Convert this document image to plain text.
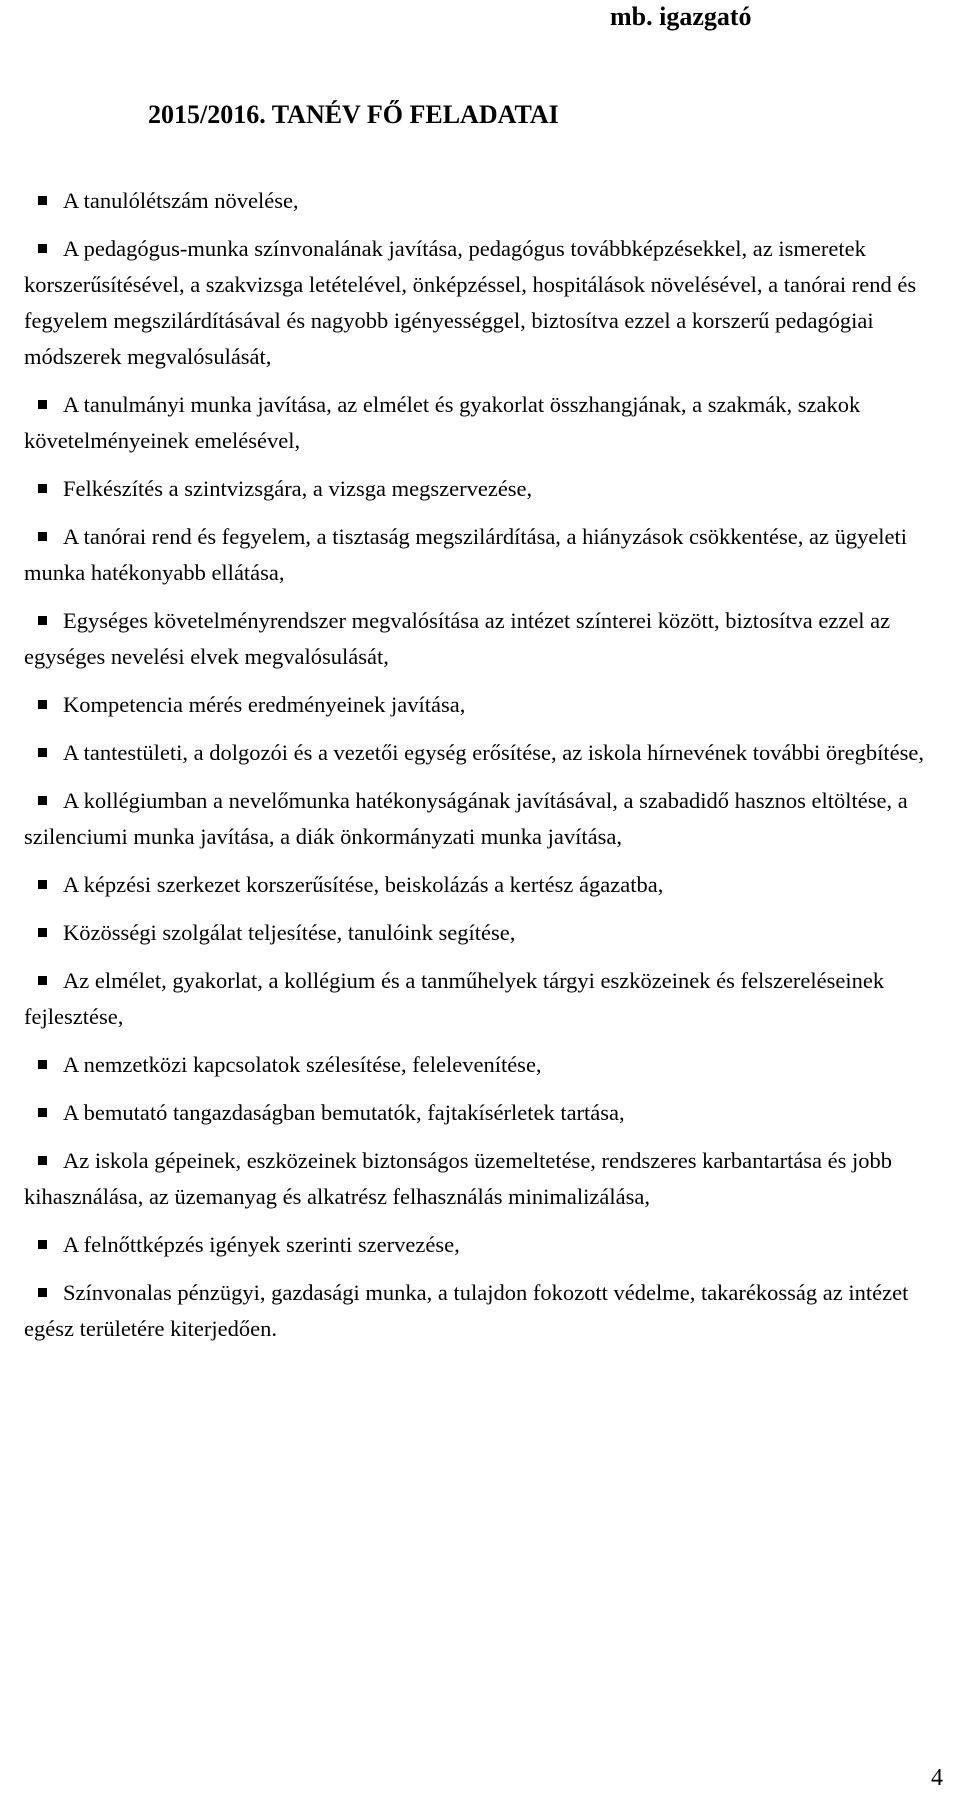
mb. igazgató

2015/2016. TANÉV FŐ FELADATAI
A tanulólétszám növelése,
A pedagógus-munka színvonalának javítása, pedagógus továbbképzésekkel, az ismeretek korszerűsítésével, a szakvizsga letételével, önképzéssel, hospitálások növelésével, a tanórai rend és fegyelem megszilárdításával és nagyobb igényességgel, biztosítva ezzel a korszerű pedagógiai módszerek megvalósulását,
A tanulmányi munka javítása, az elmélet és gyakorlat összhangjának, a szakmák, szakok követelményeinek emelésével,
Felkészítés a szintvizsgára, a vizsga megszervezése,
A tanórai rend és fegyelem, a tisztaság megszilárdítása, a hiányzások csökkentése, az ügyeleti munka hatékonyabb ellátása,
Egységes követelményrendszer megvalósítása az intézet színterei között, biztosítva ezzel az egységes nevelési elvek megvalósulását,
Kompetencia mérés eredményeinek javítása,
A tantestületi, a dolgozói és a vezetői egység erősítése, az iskola hírnevének további öregbítése,
A kollégiumban a nevelőmunka hatékonyságának javításával, a szabadidő hasznos eltöltése, a szilenciumi munka javítása, a diák önkormányzati munka javítása,
A képzési szerkezet korszerűsítése, beiskolázás a kertész ágazatba,
Közösségi szolgálat teljesítése, tanulóink segítése,
Az elmélet, gyakorlat, a kollégium és a tanműhelyek tárgyi eszközeinek és felszereléseinek fejlesztése,
A nemzetközi kapcsolatok szélesítése, felelevenítése,
A bemutató tangazdaságban bemutatók, fajtakísérletek tartása,
Az iskola gépeinek, eszközeinek biztonságos üzemeltetése, rendszeres karbantartása és jobb kihasználása, az üzemanyag és alkatrész felhasználás minimalizálása,
A felnőttképzés igények szerinti szervezése,
Színvonalas pénzügyi, gazdasági munka, a tulajdon fokozott védelme, takarékosság az intézet egész területére kiterjedően.

4
